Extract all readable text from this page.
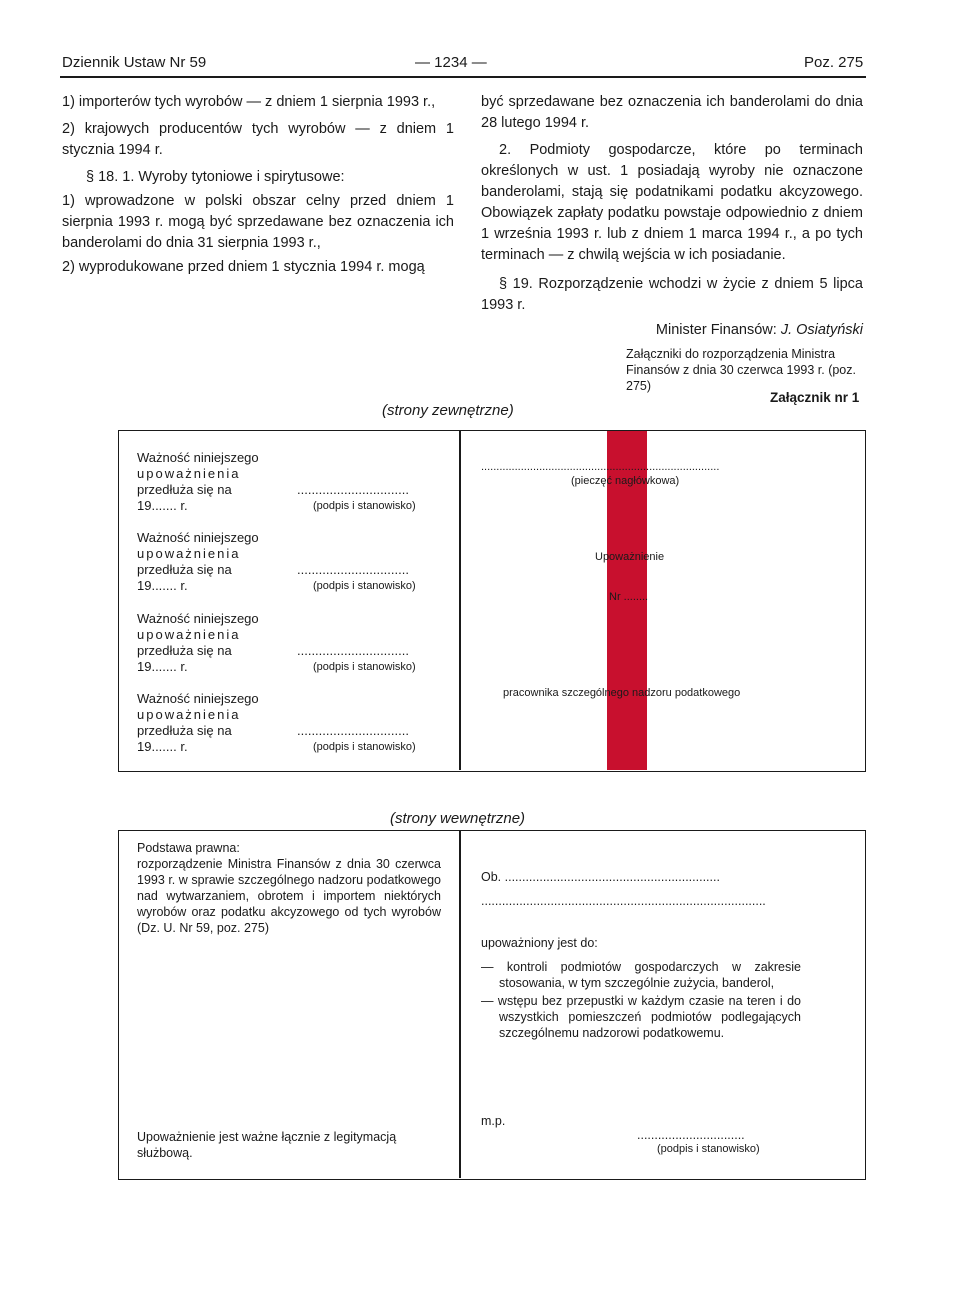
Dziennik Ustaw Nr 59	— 1234 —	Poz. 275

1) importerów tych wyrobów — z dniem 1 sierpnia 1993 r.,

2) krajowych producentów tych wyrobów — z dniem 1 stycznia 1994 r.

§ 18. 1. Wyroby tytoniowe i spirytusowe:

1) wprowadzone w polski obszar celny przed dniem 1 sierpnia 1993 r. mogą być sprzedawane bez oznaczenia ich banderolami do dnia 31 sierpnia 1993 r.,

2) wyprodukowane przed dniem 1 stycznia 1994 r. mogą

być sprzedawane bez oznaczenia ich banderolami do dnia 28 lutego 1994 r.

2. Podmioty gospodarcze, które po terminach określonych w ust. 1 posiadają wyroby nie oznaczone banderolami, stają się podatnikami podatku akcyzowego. Obowiązek zapłaty podatku powstaje odpowiednio z dniem 1 września 1993 r. lub z dniem 1 marca 1994 r., a po tych terminach — z chwilą wejścia w ich posiadanie.

§ 19. Rozporządzenie wchodzi w życie z dniem 5 lipca 1993 r.

Minister Finansów: J. Osiatyński

Załączniki do rozporządzenia Ministra Finansów z dnia 30 czerwca 1993 r. (poz. 275)
Załącznik nr 1
(strony zewnętrzne)
Ważność niniejszego
upoważnienia
przedłuża się na
19....... r.
...............................
(podpis i stanowisko)
Ważność niniejszego
upoważnienia
przedłuża się na
19....... r.
...............................
(podpis i stanowisko)
Ważność niniejszego
upoważnienia
przedłuża się na
19....... r.
...............................
(podpis i stanowisko)
Ważność niniejszego
upoważnienia
przedłuża się na
19....... r.
...............................
(podpis i stanowisko)
..............................................................................
(pieczęć nagłówkowa)
Upoważnienie
Nr ........
pracownika szczególnego nadzoru podatkowego
(strony wewnętrzne)
Podstawa prawna:
rozporządzenie Ministra Finansów z dnia 30 czerwca 1993 r. w sprawie szczególnego nadzoru podatkowego nad wytwarzaniem, obrotem i importem niektórych wyrobów oraz podatku akcyzowego od tych wyrobów (Dz. U. Nr 59, poz. 275)
Upoważnienie jest ważne łącznie z legitymacją służbową.
Ob. ..............................................................
..................................................................................
upoważniony jest do:
— kontroli podmiotów gospodarczych w zakresie stosowania, w tym szczególnie zużycia, banderol,
— wstępu bez przepustki w każdym czasie na teren i do wszystkich pomieszczeń podmiotów podlegających szczególnemu nadzorowi podatkowemu.
m.p.
...............................
(podpis i stanowisko)
